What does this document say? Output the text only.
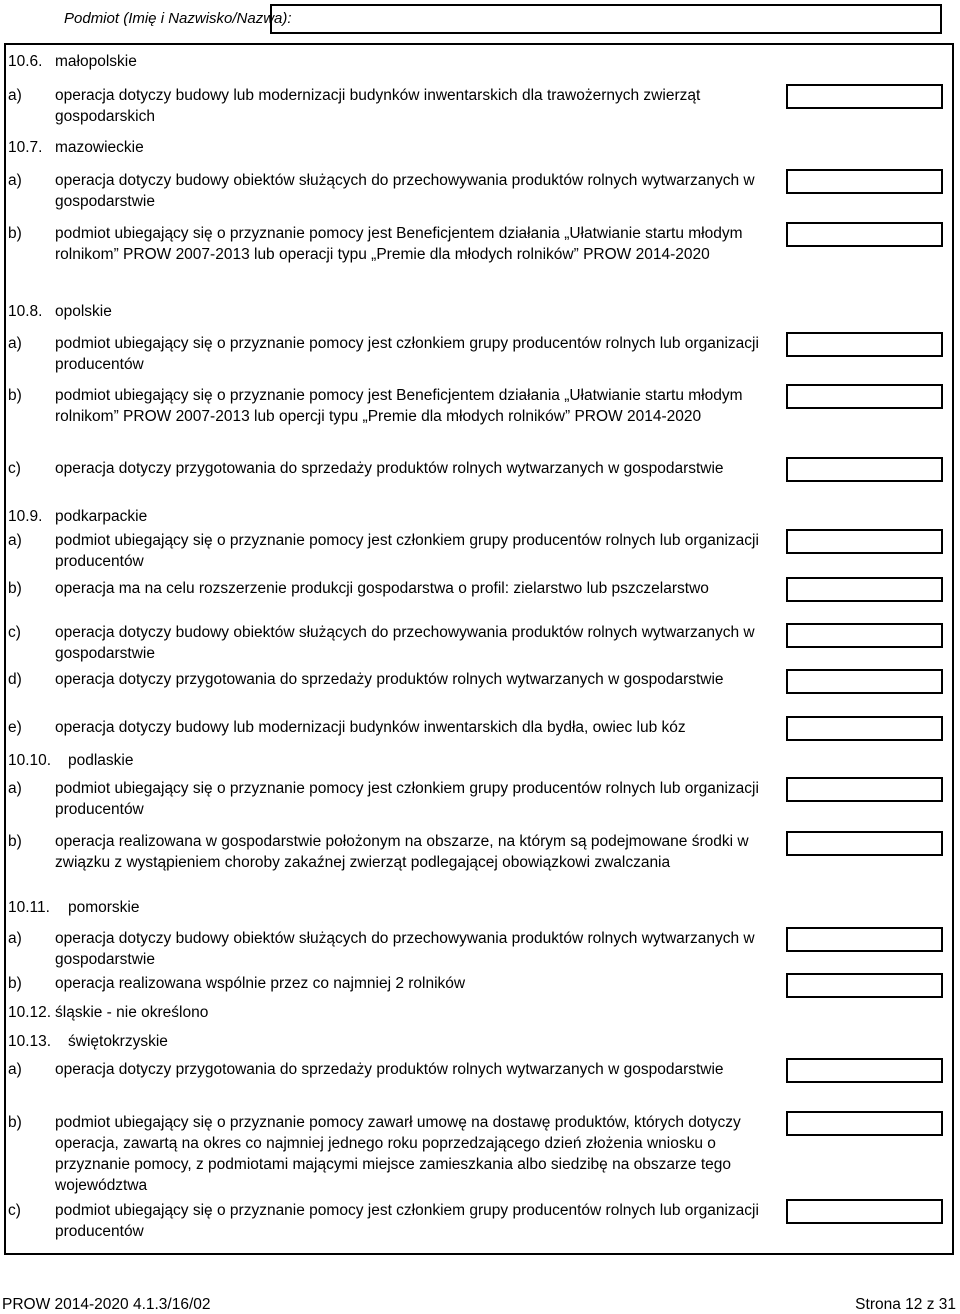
Podmiot (Imię i Nazwisko/Nazwa):
10.6. małopolskie
a)	operacja dotyczy budowy lub modernizacji budynków inwentarskich dla trawożernych zwierząt gospodarskich
10.7. mazowieckie
a)	operacja dotyczy budowy obiektów służących do przechowywania produktów rolnych wytwarzanych w gospodarstwie
b)	podmiot ubiegający się o przyznanie pomocy jest Beneficjentem działania „Ułatwianie startu młodym rolnikom” PROW 2007-2013 lub operacji typu „Premie dla młodych rolników” PROW 2014-2020
10.8. opolskie
a)	podmiot ubiegający się o przyznanie pomocy jest członkiem grupy producentów rolnych lub organizacji producentów
b)	podmiot ubiegający się o przyznanie pomocy jest Beneficjentem działania „Ułatwianie startu młodym rolnikom” PROW 2007-2013 lub opercji typu „Premie dla młodych rolników” PROW 2014-2020
c)	operacja dotyczy przygotowania do sprzedaży produktów rolnych wytwarzanych w gospodarstwie
10.9. podkarpackie
a)	podmiot ubiegający się o przyznanie pomocy jest członkiem grupy producentów rolnych lub organizacji producentów
b)	operacja ma na celu rozszerzenie produkcji gospodarstwa o profil: zielarstwo lub pszczelarstwo
c)	operacja dotyczy budowy obiektów służących do przechowywania produktów rolnych wytwarzanych w gospodarstwie
d)	operacja dotyczy przygotowania do sprzedaży produktów rolnych wytwarzanych w gospodarstwie
e)	operacja dotyczy budowy lub modernizacji budynków inwentarskich dla bydła, owiec lub kóz
10.10. podlaskie
a)	podmiot ubiegający się o przyznanie pomocy jest członkiem grupy producentów rolnych lub organizacji producentów
b)	operacja realizowana w gospodarstwie położonym na obszarze, na którym są podejmowane środki w związku z wystąpieniem choroby zakaźnej zwierząt podlegającej obowiązkowi zwalczania
10.11. pomorskie
a)	operacja dotyczy budowy obiektów służących do przechowywania produktów rolnych wytwarzanych w gospodarstwie
b)	operacja realizowana wspólnie przez co najmniej 2 rolników
10.12. śląskie - nie określono
10.13. świętokrzyskie
a)	operacja dotyczy przygotowania do sprzedaży produktów rolnych wytwarzanych w gospodarstwie
b)	podmiot ubiegający się o przyznanie pomocy zawarł umowę na dostawę produktów, których dotyczy operacja, zawartą na okres co najmniej jednego roku poprzedzającego dzień złożenia wniosku o przyznanie pomocy, z podmiotami mającymi miejsce zamieszkania albo siedzibę na obszarze tego województwa
c)	podmiot ubiegający się o przyznanie pomocy jest członkiem grupy producentów rolnych lub organizacji producentów
PROW 2014-2020 4.1.3/16/02	Strona 12 z 31
